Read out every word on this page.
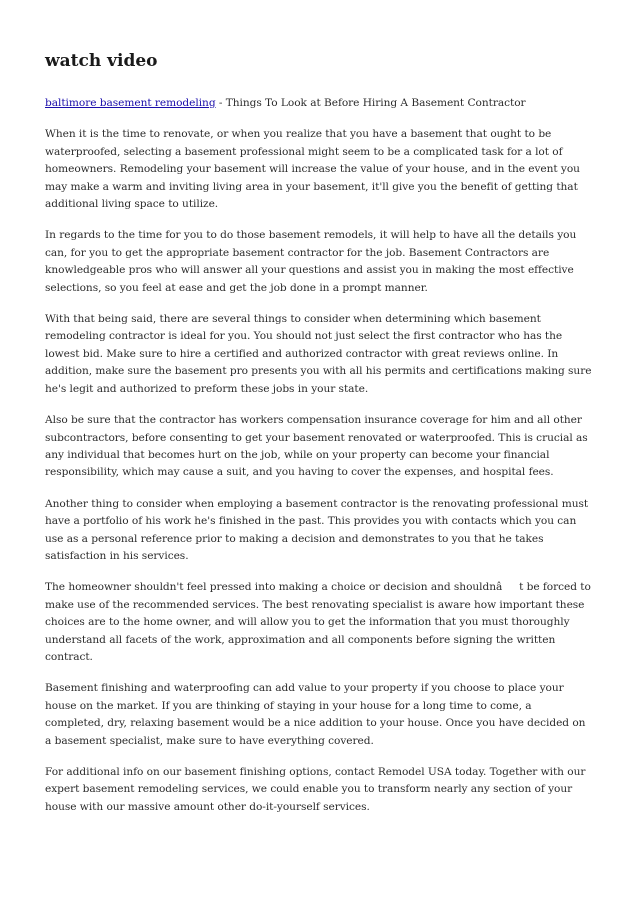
watch video

baltimore basement remodeling - Things To Look at Before Hiring A Basement Contractor

When it is the time to renovate, or when you realize that you have a basement that ought to be waterproofed, selecting a basement professional might seem to be a complicated task for a lot of homeowners. Remodeling your basement will increase the value of your house, and in the event you may make a warm and inviting living area in your basement, it'll give you the benefit of getting that additional living space to utilize.

In regards to the time for you to do those basement remodels, it will help to have all the details you can, for you to get the appropriate basement contractor for the job. Basement Contractors are knowledgeable pros who will answer all your questions and assist you in making the most effective selections, so you feel at ease and get the job done in a prompt manner.

With that being said, there are several things to consider when determining which basement remodeling contractor is ideal for you. You should not just select the first contractor who has the lowest bid. Make sure to hire a certified and authorized contractor with great reviews online. In addition, make sure the basement pro presents you with all his permits and certifications making sure he's legit and authorized to preform these jobs in your state.

Also be sure that the contractor has workers compensation insurance coverage for him and all other subcontractors, before consenting to get your basement renovated or waterproofed. This is crucial as any individual that becomes hurt on the job, while on your property can become your financial responsibility, which may cause a suit, and you having to cover the expenses, and hospital fees.

Another thing to consider when employing a basement contractor is the renovating professional must have a portfolio of his work he's finished in the past. This provides you with contacts which you can use as a personal reference prior to making a decision and demonstrates to you that he takes satisfaction in his services.

The homeowner shouldn't feel pressed into making a choice or decision and shouldnât be forced to make use of the recommended services. The best renovating specialist is aware how important these choices are to the home owner, and will allow you to get the information that you must thoroughly understand all facets of the work, approximation and all components before signing the written contract.

Basement finishing and waterproofing can add value to your property if you choose to place your house on the market. If you are thinking of staying in your house for a long time to come, a completed, dry, relaxing basement would be a nice addition to your house. Once you have decided on a basement specialist, make sure to have everything covered.

For additional info on our basement finishing options, contact Remodel USA today. Together with our expert basement remodeling services, we could enable you to transform nearly any section of your house with our massive amount other do-it-yourself services.
